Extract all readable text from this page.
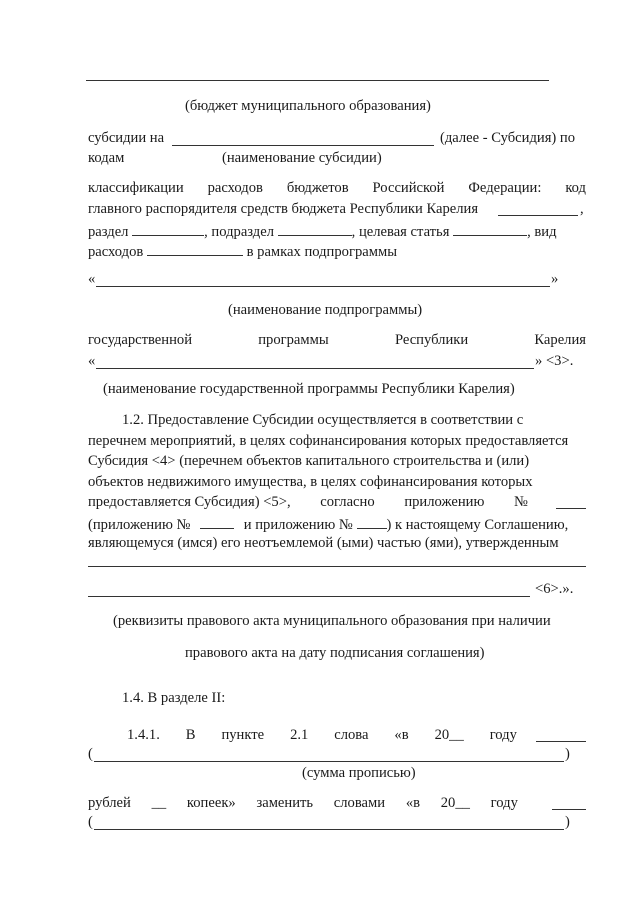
(бюджет муниципального образования)
субсидии на	(далее - Субсидия) по
кодам	(наименование субсидии)
классификации расходов бюджетов Российской Федерации: код
главного распорядителя средств бюджета Республики Карелия	,
раздел	, подраздел	, целевая статья	, вид
расходов	в рамках подпрограммы
«	»
(наименование подпрограммы)
государственной	программы	Республики	Карелия
«	» <3>.
(наименование государственной программы Республики Карелия)
1.2. Предоставление Субсидии осуществляется в соответствии с
перечнем мероприятий, в целях софинансирования которых предоставляется
Субсидия <4> (перечнем объектов капитального строительства и (или)
объектов недвижимого имущества, в целях софинансирования которых
предоставляется Субсидия) <5>, согласно приложению №
(приложению №	и приложению № ) к настоящему Соглашению,
являющемуся (имся) его неотъемлемой (ыми) частью (ями), утвержденным
<6>.».
(реквизиты правового акта муниципального образования при наличии
правового акта на дату подписания соглашения)
1.4. В разделе II:
1.4.1. В пункте 2.1 слова «в 20__ году
(	)
(сумма прописью)
рублей __ копеек» заменить словами «в 20__ году
(	)
